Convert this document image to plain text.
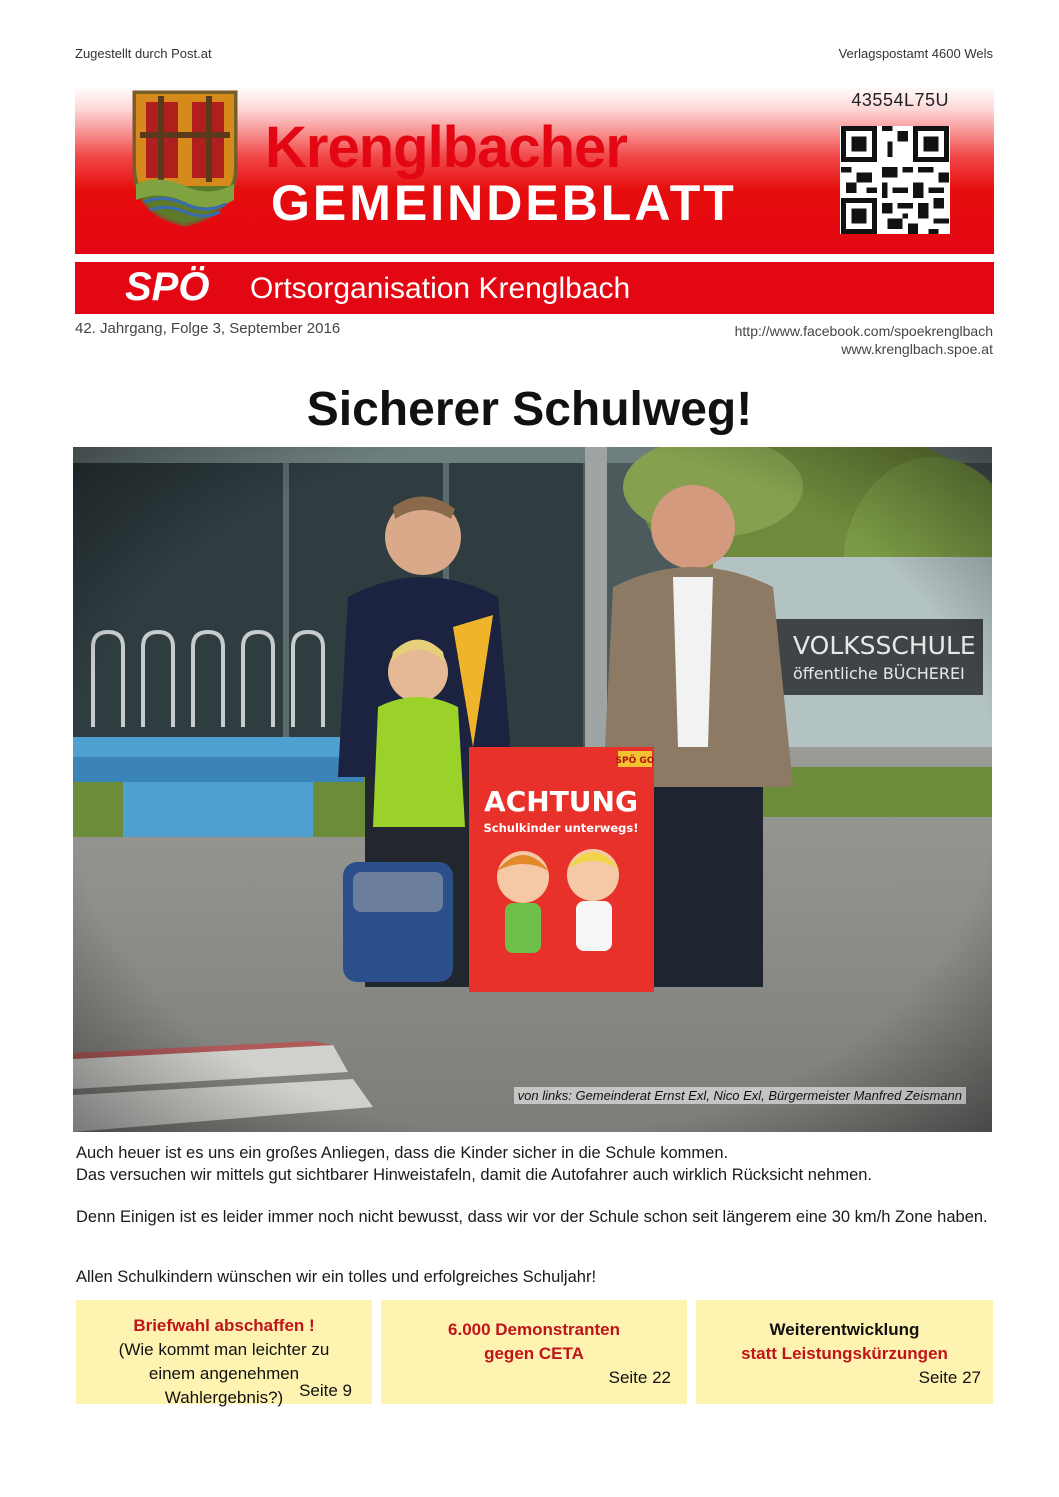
Zugestellt durch Post.at	Verlagspostamt 4600 Wels
43554L75U
Krenglbacher
GEMEINDEBLATT
SPÖ Ortsorganisation Krenglbach
42. Jahrgang, Folge 3, September 2016	http://www.facebook.com/spoekrenglbach
www.krenglbach.spoe.at
Sicherer Schulweg!
von links: Gemeinderat Ernst Exl, Nico Exl, Bürgermeister Manfred Zeismann
Auch heuer ist es uns ein großes Anliegen, dass die Kinder sicher in die Schule kommen.
Das versuchen wir mittels gut sichtbarer Hinweistafeln, damit die Autofahrer auch wirklich Rücksicht nehmen.
Denn Einigen ist es leider immer noch nicht bewusst, dass wir vor der Schule schon seit längerem eine 30 km/h Zone haben.
Allen Schulkindern wünschen wir ein tolles und erfolgreiches Schuljahr!
Briefwahl abschaffen !
(Wie kommt man leichter zu einem angenehmen Wahlergebnis?) Seite 9
6.000 Demonstranten
gegen CETA
Seite 22
Weiterentwicklung
statt Leistungskürzungen
Seite 27
